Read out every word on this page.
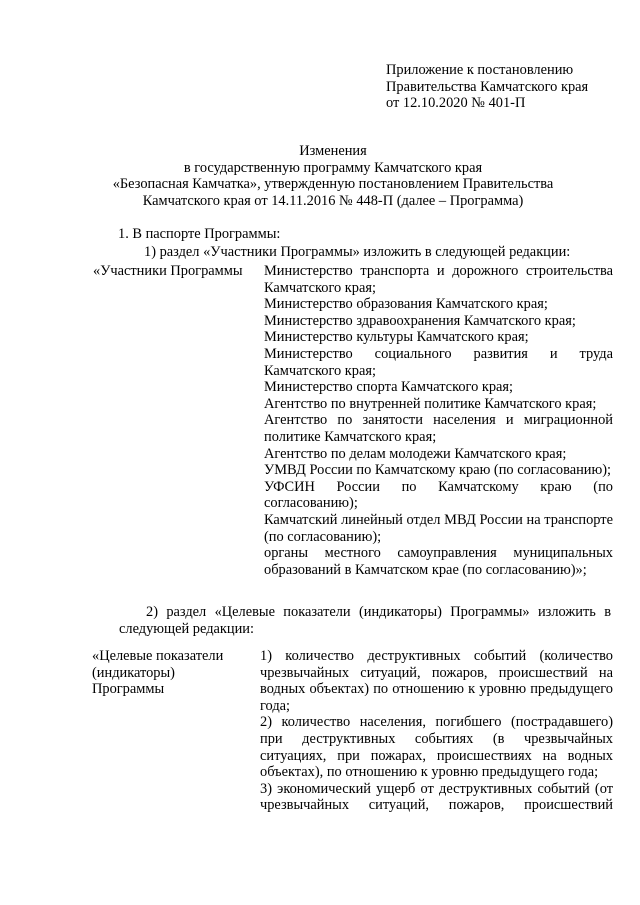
Приложение к постановлению
Правительства Камчатского края
от 12.10.2020 № 401-П
Изменения
в государственную программу Камчатского края
«Безопасная Камчатка», утвержденную постановлением Правительства
Камчатского края от 14.11.2016 № 448-П (далее – Программа)
1. В паспорте Программы:
1) раздел «Участники Программы» изложить в следующей редакции:
«Участники Программы Министерство транспорта и дорожного строительства Камчатского края;
Министерство образования Камчатского края;
Министерство здравоохранения Камчатского края;
Министерство культуры Камчатского края;
Министерство социального развития и труда Камчатского края;
Министерство спорта Камчатского края;
Агентство по внутренней политике Камчатского края;
Агентство по занятости населения и миграционной политике Камчатского края;
Агентство по делам молодежи Камчатского края;
УМВД России по Камчатскому краю (по согласованию);
УФСИН России по Камчатскому краю (по согласованию);
Камчатский линейный отдел МВД России на транспорте (по согласованию);
органы местного самоуправления муниципальных образований в Камчатском крае (по согласованию)»;
2) раздел «Целевые показатели (индикаторы) Программы» изложить в
следующей редакции:
«Целевые показатели
(индикаторы)
Программы
1) количество деструктивных событий (количество чрезвычайных ситуаций, пожаров, происшествий на водных объектах) по отношению к уровню предыдущего года;
2) количество населения, погибшего (пострадавшего) при деструктивных событиях (в чрезвычайных ситуациях, при пожарах, происшествиях на водных объектах), по отношению к уровню предыдущего года;
3) экономический ущерб от деструктивных событий (от чрезвычайных ситуаций, пожаров, происшествий
